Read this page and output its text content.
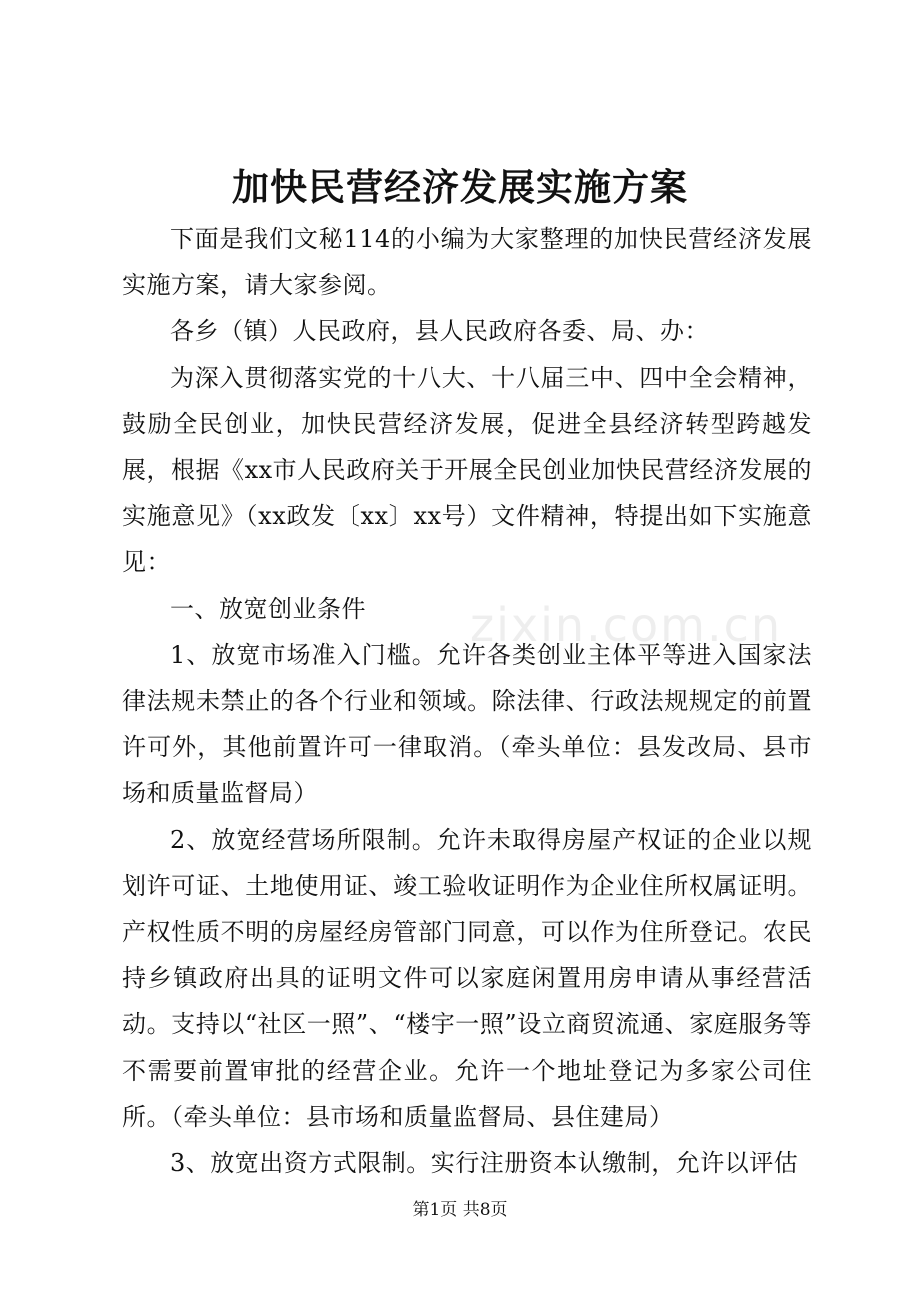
加快民营经济发展实施方案

下面是我们文秘114的小编为大家整理的加快民营经济发展实施方案，请大家参阅。

各乡（镇）人民政府，县人民政府各委、局、办：

为深入贯彻落实党的十八大、十八届三中、四中全会精神，鼓励全民创业，加快民营经济发展，促进全县经济转型跨越发展，根据《xx市人民政府关于开展全民创业加快民营经济发展的实施意见》（xx政发〔xx〕xx号）文件精神，特提出如下实施意见：

一、放宽创业条件

1、放宽市场准入门槛。允许各类创业主体平等进入国家法律法规未禁止的各个行业和领域。除法律、行政法规规定的前置许可外，其他前置许可一律取消。（牵头单位：县发改局、县市场和质量监督局）

2、放宽经营场所限制。允许未取得房屋产权证的企业以规划许可证、土地使用证、竣工验收证明作为企业住所权属证明。产权性质不明的房屋经房管部门同意，可以作为住所登记。农民持乡镇政府出具的证明文件可以家庭闲置用房申请从事经营活动。支持以“社区一照”、“楼宇一照”设立商贸流通、家庭服务等不需要前置审批的经营企业。允许一个地址登记为多家公司住所。（牵头单位：县市场和质量监督局、县住建局）

3、放宽出资方式限制。实行注册资本认缴制，允许以评估

zixin.com.cn
第1页 共8页
